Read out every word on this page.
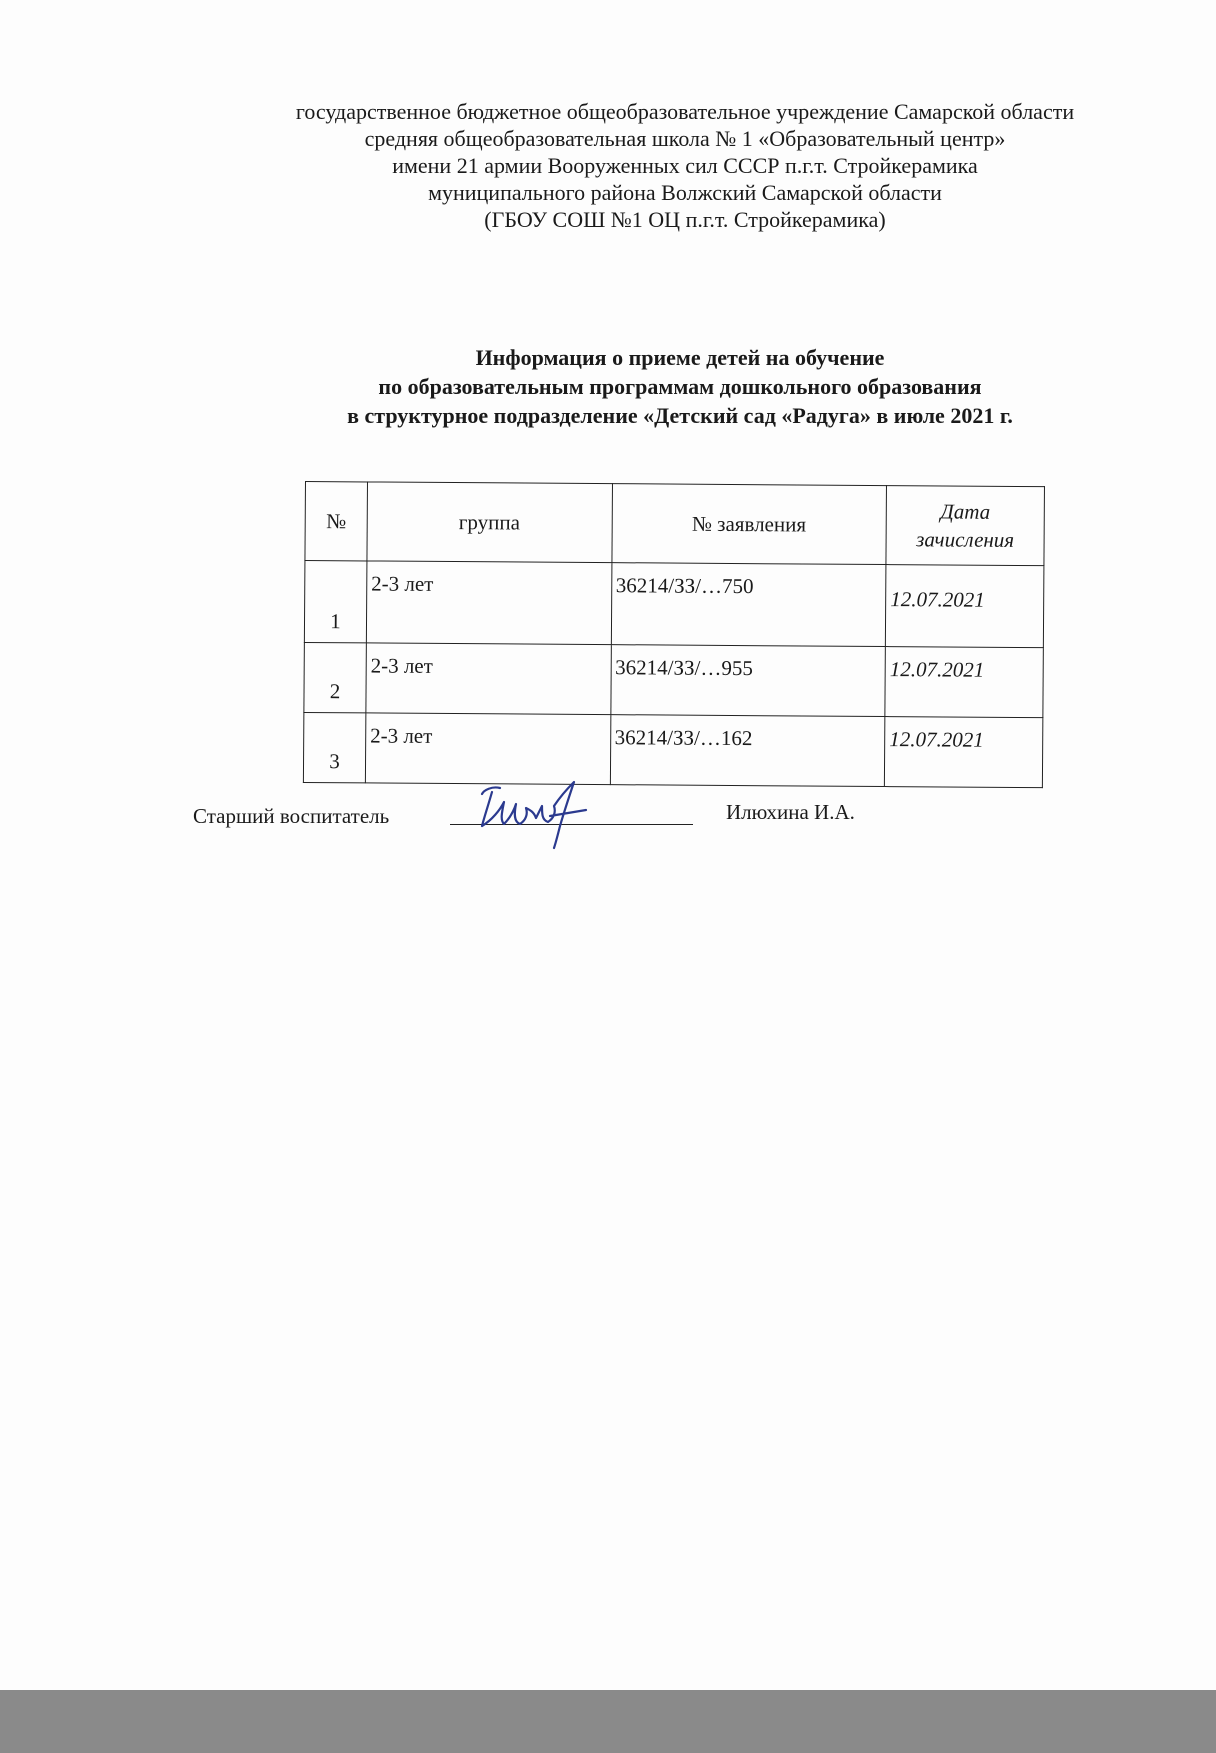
государственное бюджетное общеобразовательное учреждение Самарской области
средняя общеобразовательная школа № 1 «Образовательный центр»
имени 21 армии Вооруженных сил СССР п.г.т. Стройкерамика
муниципального района Волжский Самарской области
(ГБОУ СОШ №1 ОЦ п.г.т. Стройкерамика)
Информация о приеме детей на обучение
по образовательным программам дошкольного образования
в структурное подразделение «Детский сад «Радуга» в июле 2021 г.
№	группа	№ заявления	Дата
зачисления
1	2-3 лет	36214/ЗЗ/…750	12.07.2021
2	2-3 лет	36214/ЗЗ/…955	12.07.2021
3	2-3 лет	36214/ЗЗ/…162	12.07.2021
Старший воспитатель	Илюхина И.А.
